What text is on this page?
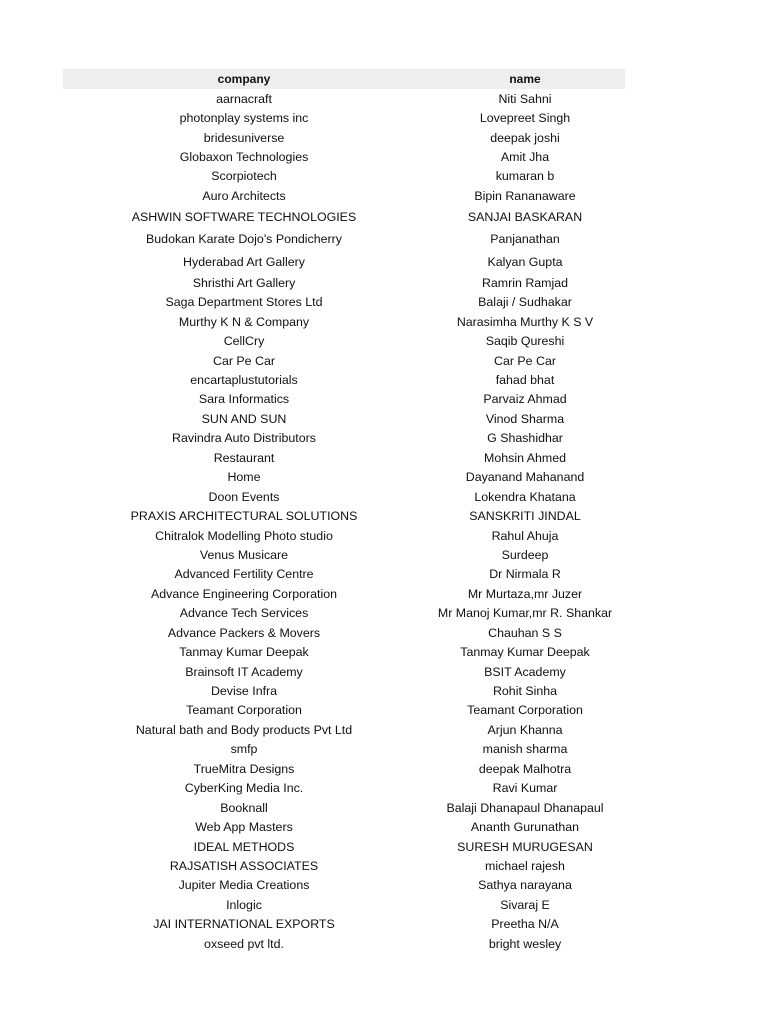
company	name
aarnacraft	Niti Sahni
photonplay systems inc	Lovepreet Singh
bridesuniverse	deepak joshi
Globaxon Technologies	Amit Jha
Scorpiotech	kumaran b
Auro Architects	Bipin Rananaware
ASHWIN SOFTWARE TECHNOLOGIES	SANJAI BASKARAN
Budokan Karate Dojo's Pondicherry	Panjanathan
Hyderabad Art Gallery	Kalyan Gupta
Shristhi Art Gallery	Ramrin Ramjad
Saga Department Stores Ltd	Balaji / Sudhakar
Murthy K N & Company	Narasimha Murthy K S V
CellCry	Saqib Qureshi
Car Pe Car	Car Pe Car
encartaplustutorials	fahad bhat
Sara Informatics	Parvaiz Ahmad
SUN AND SUN	Vinod Sharma
Ravindra Auto Distributors	G Shashidhar
Restaurant	Mohsin Ahmed
Home	Dayanand Mahanand
Doon Events	Lokendra Khatana
PRAXIS ARCHITECTURAL SOLUTIONS	SANSKRITI JINDAL
Chitralok Modelling Photo studio	Rahul Ahuja
Venus Musicare	Surdeep
Advanced Fertility Centre	Dr Nirmala R
Advance Engineering Corporation	Mr Murtaza,mr Juzer
Advance Tech Services	Mr Manoj Kumar,mr R. Shankar
Advance Packers & Movers	Chauhan S S
Tanmay Kumar Deepak	Tanmay Kumar Deepak
Brainsoft IT Academy	BSIT Academy
Devise Infra	Rohit Sinha
Teamant Corporation	Teamant Corporation
Natural bath and Body products Pvt Ltd	Arjun Khanna
smfp	manish sharma
TrueMitra Designs	deepak Malhotra
CyberKing Media Inc.	Ravi Kumar
Booknall	Balaji Dhanapaul Dhanapaul
Web App Masters	Ananth Gurunathan
IDEAL METHODS	SURESH MURUGESAN
RAJSATISH ASSOCIATES	michael rajesh
Jupiter Media Creations	Sathya narayana
Inlogic	Sivaraj E
JAI INTERNATIONAL EXPORTS	Preetha N/A
oxseed pvt ltd.	bright wesley
